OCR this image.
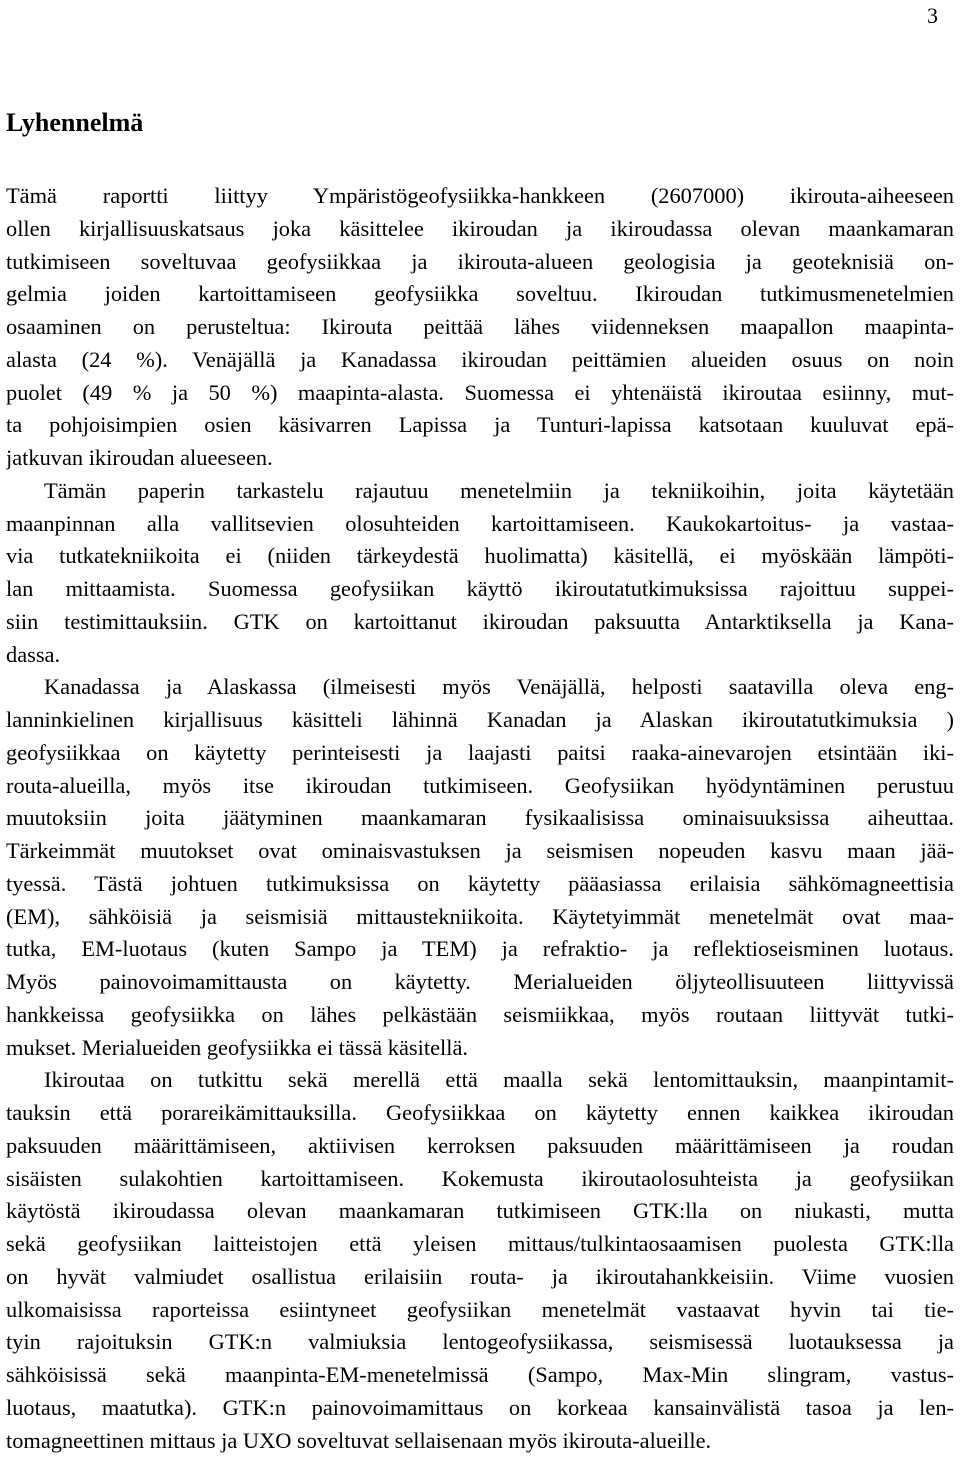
3
Lyhennelmä
Tämä raportti liittyy Ympäristögeofysiikka-hankkeen (2607000) ikirouta-aiheeseen
ollen kirjallisuuskatsaus joka käsittelee ikiroudan ja ikiroudassa olevan maankamaran
tutkimiseen soveltuvaa geofysiikkaa ja ikirouta-alueen geologisia ja geoteknisiä on-
gelmia joiden kartoittamiseen geofysiikka soveltuu. Ikiroudan tutkimusmenetelmien
osaaminen on perusteltua: Ikirouta peittää lähes viidenneksen maapallon maapinta-
alasta (24 %). Venäjällä ja Kanadassa ikiroudan peittämien alueiden osuus on noin
puolet (49 % ja 50 %) maapinta-alasta. Suomessa ei yhtenäistä ikiroutaa esiinny, mut-
ta pohjoisimpien osien käsivarren Lapissa ja Tunturi-lapissa katsotaan kuuluvat epä-
jatkuvan ikiroudan alueeseen.
Tämän paperin tarkastelu rajautuu menetelmiin ja tekniikoihin, joita käytetään
maanpinnan alla vallitsevien olosuhteiden kartoittamiseen. Kaukokartoitus- ja vastaa-
via tutkatekniikoita ei (niiden tärkeydestä huolimatta) käsitellä, ei myöskään lämpöti-
lan mittaamista. Suomessa geofysiikan käyttö ikiroutatutkimuksissa rajoittuu suppei-
siin testimittauksiin. GTK on kartoittanut ikiroudan paksuutta Antarktiksella ja Kana-
dassa.
Kanadassa ja Alaskassa (ilmeisesti myös Venäjällä, helposti saatavilla oleva eng-
lanninkielinen kirjallisuus käsitteli lähinnä Kanadan ja Alaskan ikiroutatutkimuksia )
geofysiikkaa on käytetty perinteisesti ja laajasti paitsi raaka-ainevarojen etsintään iki-
routa-alueilla, myös itse ikiroudan tutkimiseen. Geofysiikan hyödyntäminen perustuu
muutoksiin joita jäätyminen maankamaran fysikaalisissa ominaisuuksissa aiheuttaa.
Tärkeimmät muutokset ovat ominaisvastuksen ja seismisen nopeuden kasvu maan jää-
tyessä. Tästä johtuen tutkimuksissa on käytetty pääasiassa erilaisia sähkömagneettisia
(EM), sähköisiä ja seismisiä mittaustekniikoita. Käytetyimmät menetelmät ovat maa-
tutka, EM-luotaus (kuten Sampo ja TEM) ja refraktio- ja reflektioseisminen luotaus.
Myös painovoimamittausta on käytetty. Merialueiden öljyteollisuuteen liittyvissä
hankkeissa geofysiikka on lähes pelkästään seismiikkaa, myös routaan liittyvät tutki-
mukset. Merialueiden geofysiikka ei tässä käsitellä.
Ikiroutaa on tutkittu sekä merellä että maalla sekä lentomittauksin, maanpintamit-
tauksin että porareikämittauksilla. Geofysiikkaa on käytetty ennen kaikkea ikiroudan
paksuuden määrittämiseen, aktiivisen kerroksen paksuuden määrittämiseen ja roudan
sisäisten sulakohtien kartoittamiseen. Kokemusta ikiroutaolosuhteista ja geofysiikan
käytöstä ikiroudassa olevan maankamaran tutkimiseen GTK:lla on niukasti, mutta
sekä geofysiikan laitteistojen että yleisen mittaus/tulkintaosaamisen puolesta GTK:lla
on hyvät valmiudet osallistua erilaisiin routa- ja ikiroutahankkeisiin. Viime vuosien
ulkomaisissa raporteissa esiintyneet geofysiikan menetelmät vastaavat hyvin tai tie-
tyin rajoituksin GTK:n valmiuksia lentogeofysiikassa, seismisessä luotauksessa ja
sähköisissä sekä maanpinta-EM-menetelmissä (Sampo, Max-Min slingram, vastus-
luotaus, maatutka). GTK:n painovoimamittaus on korkeaa kansainvälistä tasoa ja len-
tomagneettinen mittaus ja UXO soveltuvat sellaisenaan myös ikirouta-alueille.
